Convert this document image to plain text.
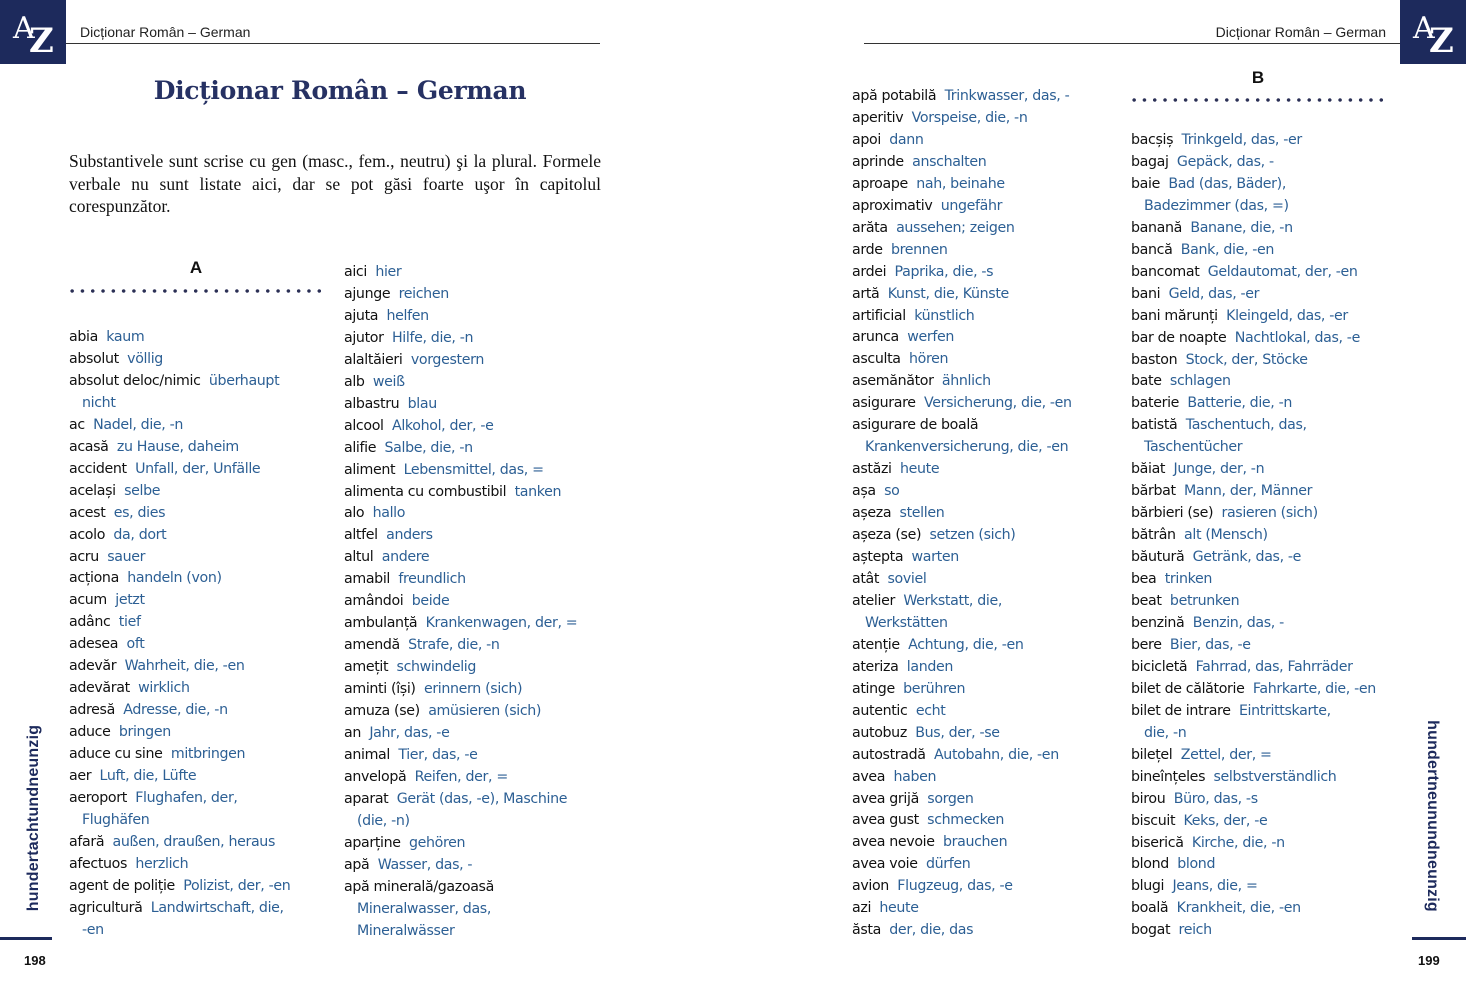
A
Z Dicționar Român – German	A
Z
Dicționar Român – German
Dicționar Român – German
Substantivele sunt scrise cu gen (masc., fem., neutru) şi la plural. Formele verbale nu sunt listate aici, dar se pot găsi foarte uşor în capitolul corespunzător.
A
B
abia kaum
absolut völlig
absolut deloc/nimic überhaupt
nicht
ac Nadel, die, -n
acasă zu Hause, daheim
accident Unfall, der, Unfälle
același selbe
acest es, dies
acolo da, dort
acru sauer
acționa handeln (von)
acum jetzt
adânc tief
adesea oft
adevăr Wahrheit, die, -en
adevărat wirklich
adresă Adresse, die, -n
aduce bringen
aduce cu sine mitbringen
aer Luft, die, Lüfte
aeroport Flughafen, der,
Flughäfen
afară außen, draußen, heraus
afectuos herzlich
agent de poliție Polizist, der, -en
agricultură Landwirtschaft, die,
-en
aici hier
ajunge reichen
ajuta helfen
ajutor Hilfe, die, -n
alaltăieri vorgestern
alb weiß
albastru blau
alcool Alkohol, der, -e
alifie Salbe, die, -n
aliment Lebensmittel, das, =
alimenta cu combustibil tanken
alo hallo
altfel anders
altul andere
amabil freundlich
amândoi beide
ambulanță Krankenwagen, der, =
amendă Strafe, die, -n
amețit schwindelig
aminti (își) erinnern (sich)
amuza (se) amüsieren (sich)
an Jahr, das, -e
animal Tier, das, -e
anvelopă Reifen, der, =
aparat Gerät (das, -e), Maschine
(die, -n)
aparține gehören
apă Wasser, das, -
apă minerală/gazoasă
Mineralwasser, das,
Mineralwässer
apă potabilă Trinkwasser, das, -
aperitiv Vorspeise, die, -n
apoi dann
aprinde anschalten
aproape nah, beinahe
aproximativ ungefähr
arăta aussehen; zeigen
arde brennen
ardei Paprika, die, -s
artă Kunst, die, Künste
artificial künstlich
arunca werfen
asculta hören
asemănător ähnlich
asigurare Versicherung, die, -en
asigurare de boală
Krankenversicherung, die, -en
astăzi heute
așa so
așeza stellen
așeza (se) setzen (sich)
aștepta warten
atât soviel
atelier Werkstatt, die,
Werkstätten
atenție Achtung, die, -en
ateriza landen
atinge berühren
autentic echt
autobuz Bus, der, -se
autostradă Autobahn, die, -en
avea haben
avea grijă sorgen
avea gust schmecken
avea nevoie brauchen
avea voie dürfen
avion Flugzeug, das, -e
azi heute
ăsta der, die, das
bacșiș Trinkgeld, das, -er
bagaj Gepäck, das, -
baie Bad (das, Bäder),
Badezimmer (das, =)
banană Banane, die, -n
bancă Bank, die, -en
bancomat Geldautomat, der, -en
bani Geld, das, -er
bani mărunți Kleingeld, das, -er
bar de noapte Nachtlokal, das, -e
baston Stock, der, Stöcke
bate schlagen
baterie Batterie, die, -n
batistă Taschentuch, das,
Taschentücher
băiat Junge, der, -n
bărbat Mann, der, Männer
bărbieri (se) rasieren (sich)
bătrân alt (Mensch)
băutură Getränk, das, -e
bea trinken
beat betrunken
benzină Benzin, das, -
bere Bier, das, -e
bicicletă Fahrrad, das, Fahrräder
bilet de călătorie Fahrkarte, die, -en
bilet de intrare Eintrittskarte,
die, -n
bilețel Zettel, der, =
bineînțeles selbstverständlich
birou Büro, das, -s
biscuit Keks, der, -e
biserică Kirche, die, -n
blond blond
blugi Jeans, die, =
boală Krankheit, die, -en
bogat reich
hundertachtundneunzig	hundertneunundneunzig
198	199
